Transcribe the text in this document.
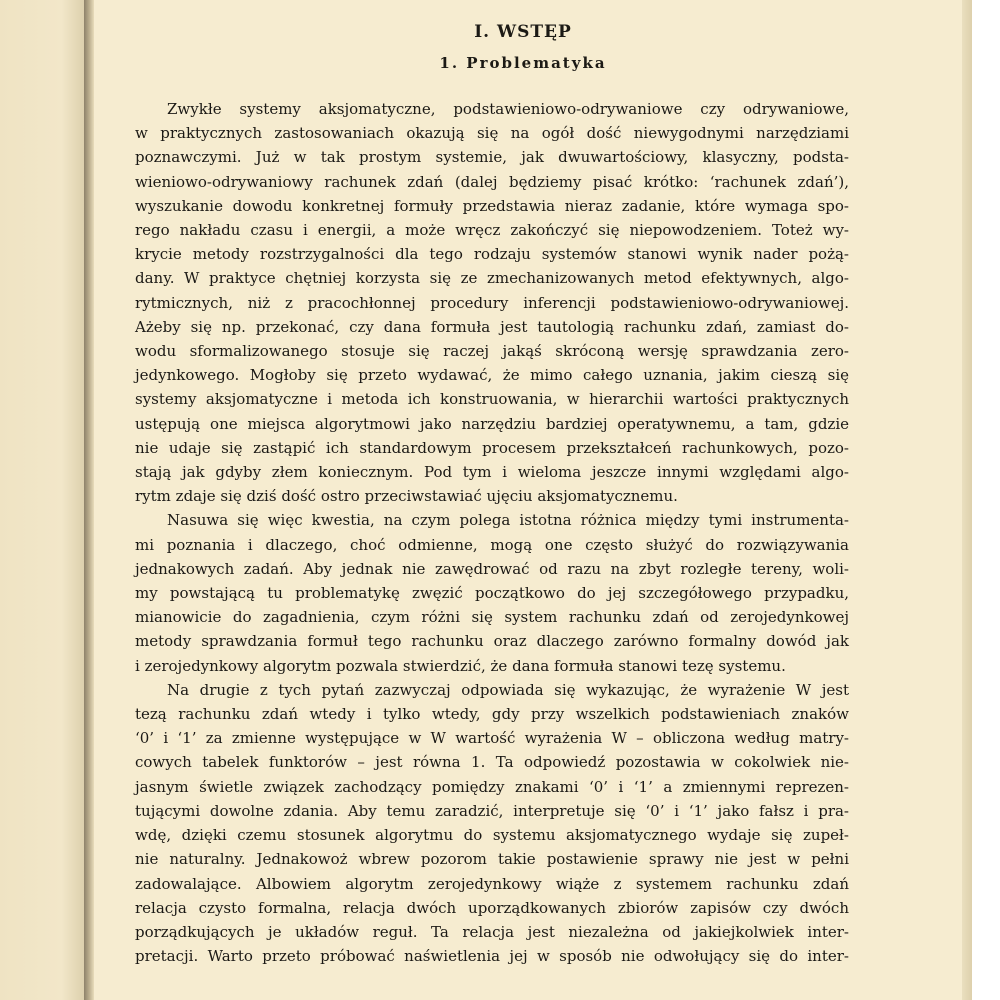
I. WSTĘP
1. Problematyka

Zwykłe systemy aksjomatyczne, podstawieniowo-odrywaniowe czy odrywaniowe,
w praktycznych zastosowaniach okazują się na ogół dość niewygodnymi narzędziami
poznawczymi. Już w tak prostym systemie, jak dwuwartościowy, klasyczny, podsta-
wieniowo-odrywaniowy rachunek zdań (dalej będziemy pisać krótko: ‘rachunek zdań’),
wyszukanie dowodu konkretnej formuły przedstawia nieraz zadanie, które wymaga spo-
rego nakładu czasu i energii, a może wręcz zakończyć się niepowodzeniem. Toteż wy-
krycie metody rozstrzygalności dla tego rodzaju systemów stanowi wynik nader pożą-
dany. W praktyce chętniej korzysta się ze zmechanizowanych metod efektywnych, algo-
rytmicznych, niż z pracochłonnej procedury inferencji podstawieniowo-odrywaniowej.
Ażeby się np. przekonać, czy dana formuła jest tautologią rachunku zdań, zamiast do-
wodu sformalizowanego stosuje się raczej jakąś skróconą wersję sprawdzania zero-
jedynkowego. Mogłoby się przeto wydawać, że mimo całego uznania, jakim cieszą się
systemy aksjomatyczne i metoda ich konstruowania, w hierarchii wartości praktycznych
ustępują one miejsca algorytmowi jako narzędziu bardziej operatywnemu, a tam, gdzie
nie udaje się zastąpić ich standardowym procesem przekształceń rachunkowych, pozo-
stają jak gdyby złem koniecznym. Pod tym i wieloma jeszcze innymi względami algo-
rytm zdaje się dziś dość ostro przeciwstawiać ujęciu aksjomatycznemu.

Nasuwa się więc kwestia, na czym polega istotna różnica między tymi instrumenta-
mi poznania i dlaczego, choć odmienne, mogą one często służyć do rozwiązywania
jednakowych zadań. Aby jednak nie zawędrować od razu na zbyt rozległe tereny, woli-
my powstającą tu problematykę zwęzić początkowo do jej szczegółowego przypadku,
mianowicie do zagadnienia, czym różni się system rachunku zdań od zerojedynkowej
metody sprawdzania formuł tego rachunku oraz dlaczego zarówno formalny dowód jak
i zerojedynkowy algorytm pozwala stwierdzić, że dana formuła stanowi tezę systemu.

Na drugie z tych pytań zazwyczaj odpowiada się wykazując, że wyrażenie W jest
tezą rachunku zdań wtedy i tylko wtedy, gdy przy wszelkich podstawieniach znaków
‘0’ i ‘1’ za zmienne występujące w W wartość wyrażenia W – obliczona według matry-
cowych tabelek funktorów – jest równa 1. Ta odpowiedź pozostawia w cokolwiek nie-
jasnym świetle związek zachodzący pomiędzy znakami ‘0’ i ‘1’ a zmiennymi reprezen-
tującymi dowolne zdania. Aby temu zaradzić, interpretuje się ‘0’ i ‘1’ jako fałsz i pra-
wdę, dzięki czemu stosunek algorytmu do systemu aksjomatycznego wydaje się zupeł-
nie naturalny. Jednakowoż wbrew pozorom takie postawienie sprawy nie jest w pełni
zadowalające. Albowiem algorytm zerojedynkowy wiąże z systemem rachunku zdań
relacja czysto formalna, relacja dwóch uporządkowanych zbiorów zapisów czy dwóch
porządkujących je układów reguł. Ta relacja jest niezależna od jakiejkolwiek inter-
pretacji. Warto przeto próbować naświetlenia jej w sposób nie odwołujący się do inter-
